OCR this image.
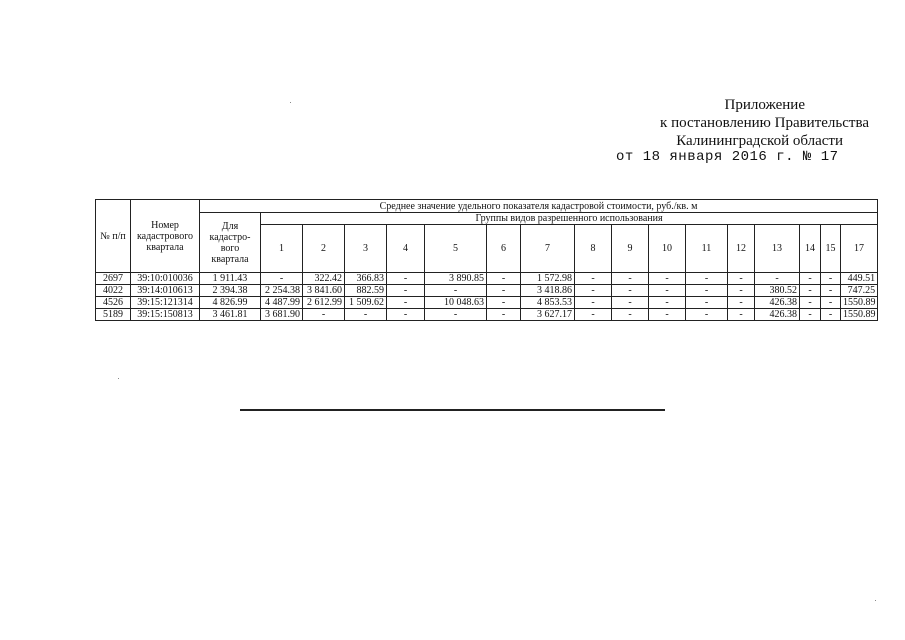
Приложение
к постановлению Правительства
Калининградской области
от 18 января 2016 г. № 17
№ п/п	Номер кадастрового квартала	Среднее значение удельного показателя кадастровой стоимости, руб./кв. м																
		Для кадастро-вого квартала	Группы видов разрешенного использования															
			1	2	3	4	5	6	7	8	9	10	11	12	13	14	15	17
2697	39:10:010036	1 911.43	-	322.42	366.83	-	3 890.85	-	1 572.98	-	-	-	-	-	-	-	-	449.51
4022	39:14:010613	2 394.38	2 254.38	3 841.60	882.59	-	-	-	3 418.86	-	-	-	-	-	380.52	-	-	747.25
4526	39:15:121314	4 826.99	4 487.99	2 612.99	1 509.62	-	10 048.63	-	4 853.53	-	-	-	-	-	426.38	-	-	1550.89
5189	39:15:150813	3 461.81	3 681.90	-	-	-	-	-	3 627.17	-	-	-	-	-	426.38	-	-	1550.89
